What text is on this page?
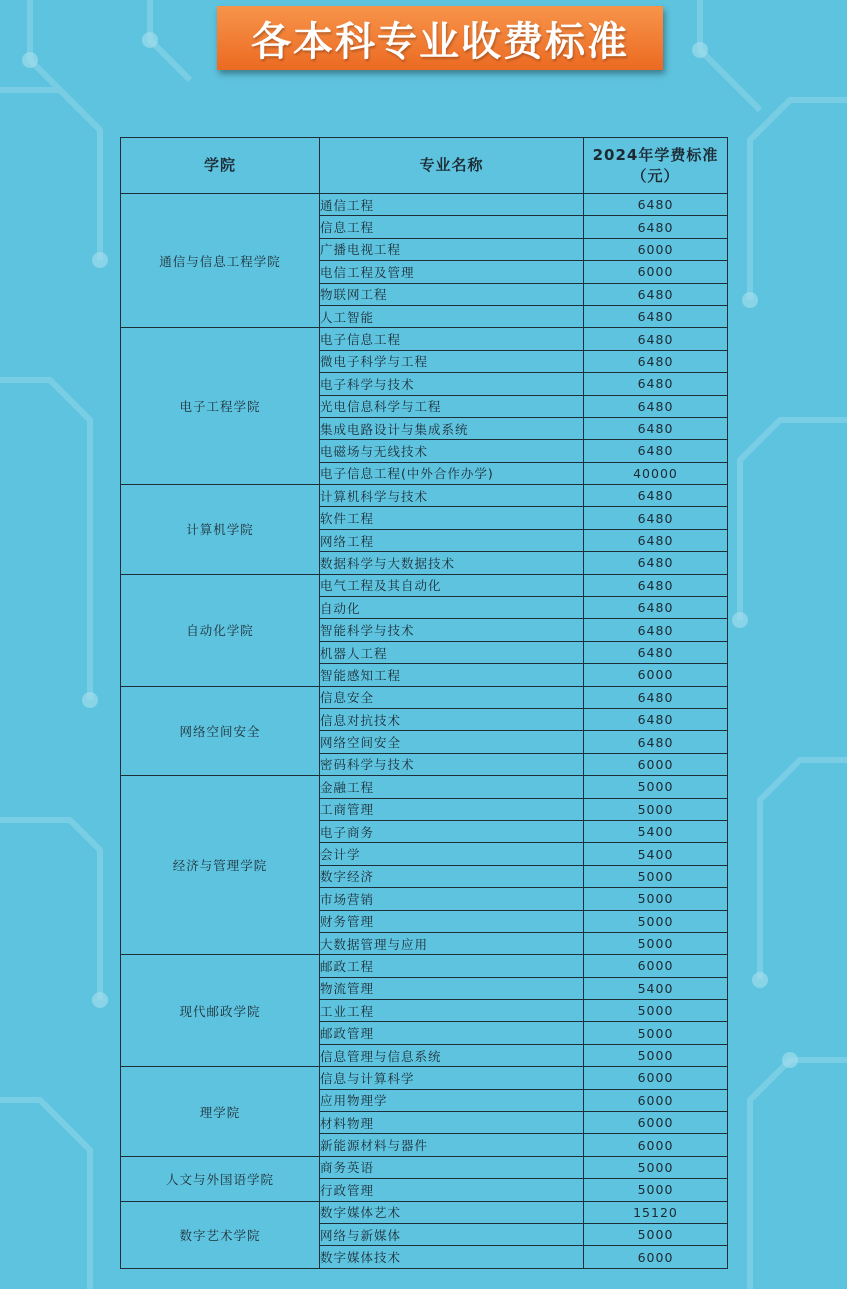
各本科专业收费标准
学院	专业名称	2024年学费标准（元）
通信与信息工程学院	通信工程	6480
	信息工程	6480
	广播电视工程	6000
	电信工程及管理	6000
	物联网工程	6480
	人工智能	6480
电子工程学院	电子信息工程	6480
	微电子科学与工程	6480
	电子科学与技术	6480
	光电信息科学与工程	6480
	集成电路设计与集成系统	6480
	电磁场与无线技术	6480
	电子信息工程(中外合作办学)	40000
计算机学院	计算机科学与技术	6480
	软件工程	6480
	网络工程	6480
	数据科学与大数据技术	6480
自动化学院	电气工程及其自动化	6480
	自动化	6480
	智能科学与技术	6480
	机器人工程	6480
	智能感知工程	6000
网络空间安全	信息安全	6480
	信息对抗技术	6480
	网络空间安全	6480
	密码科学与技术	6000
经济与管理学院	金融工程	5000
	工商管理	5000
	电子商务	5400
	会计学	5400
	数字经济	5000
	市场营销	5000
	财务管理	5000
	大数据管理与应用	5000
现代邮政学院	邮政工程	6000
	物流管理	5400
	工业工程	5000
	邮政管理	5000
	信息管理与信息系统	5000
理学院	信息与计算科学	6000
	应用物理学	6000
	材料物理	6000
	新能源材料与器件	6000
人文与外国语学院	商务英语	5000
	行政管理	5000
数字艺术学院	数字媒体艺术	15120
	网络与新媒体	5000
	数字媒体技术	6000
